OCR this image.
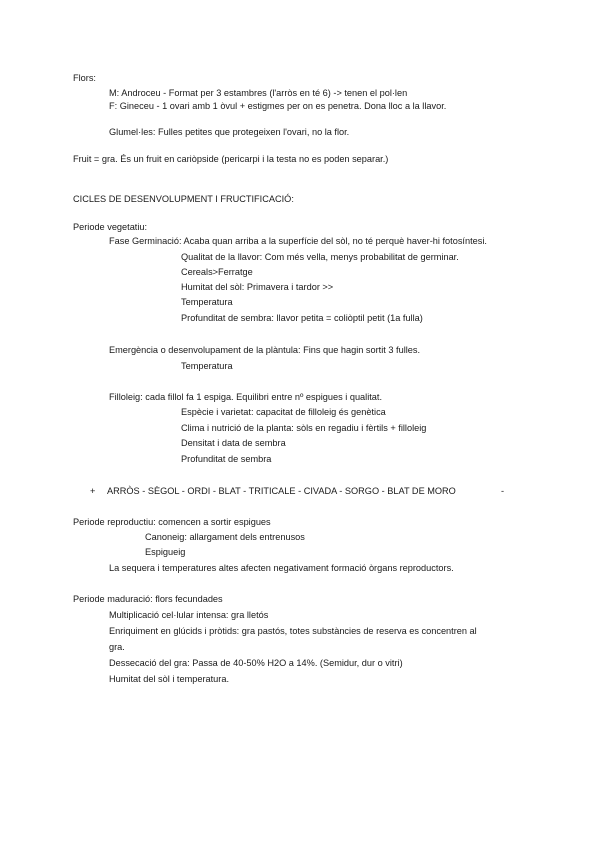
Flors:
M: Androceu - Format per 3 estambres (l'arròs en té 6) -> tenen el pol·len
F: Gineceu - 1 ovari amb 1 òvul + estigmes per on es penetra. Dona lloc a la llavor.
Glumel·les: Fulles petites que protegeixen l'ovari, no la flor.
Fruit = gra. És un fruit en cariòpside (pericarpi i la testa no es poden separar.)
CICLES DE DESENVOLUPMENT I FRUCTIFICACIÓ:
Periode vegetatiu:
Fase Germinació: Acaba quan arriba a la superfície del sòl, no té perquè haver-hi fotosíntesi.
Qualitat de la llavor: Com més vella, menys probabilitat de germinar.
Cereals>Ferratge
Humitat del sòl: Primavera i tardor >>
Temperatura
Profunditat de sembra: llavor petita = coliòptil petit (1a fulla)
Emergència o desenvolupament de la plàntula: Fins que hagin sortit 3 fulles.
Temperatura
Filloleig: cada fillol fa 1 espiga. Equilibri entre nº espigues i qualitat.
Espècie i varietat: capacitat de filloleig és genètica
Clima i nutrició de la planta: sòls en regadiu i fèrtils + filloleig
Densitat i data de sembra
Profunditat de sembra
+ ARRÒS - SÈGOL - ORDI - BLAT - TRITICALE - CIVADA - SORGO - BLAT DE MORO	-
Periode reproductiu: comencen a sortir espigues
Canoneig: allargament dels entrenusos
Espigueig
La sequera i temperatures altes afecten negativament formació òrgans reproductors.
Periode maduració: flors fecundades
Multiplicació cel·lular intensa: gra lletós
Enriquiment en glúcids i pròtids: gra pastós, totes substàncies de reserva es concentren al
gra.
Dessecació del gra: Passa de 40-50% H2O a 14%. (Semidur, dur o vitri)
Humitat del sòl i temperatura.
